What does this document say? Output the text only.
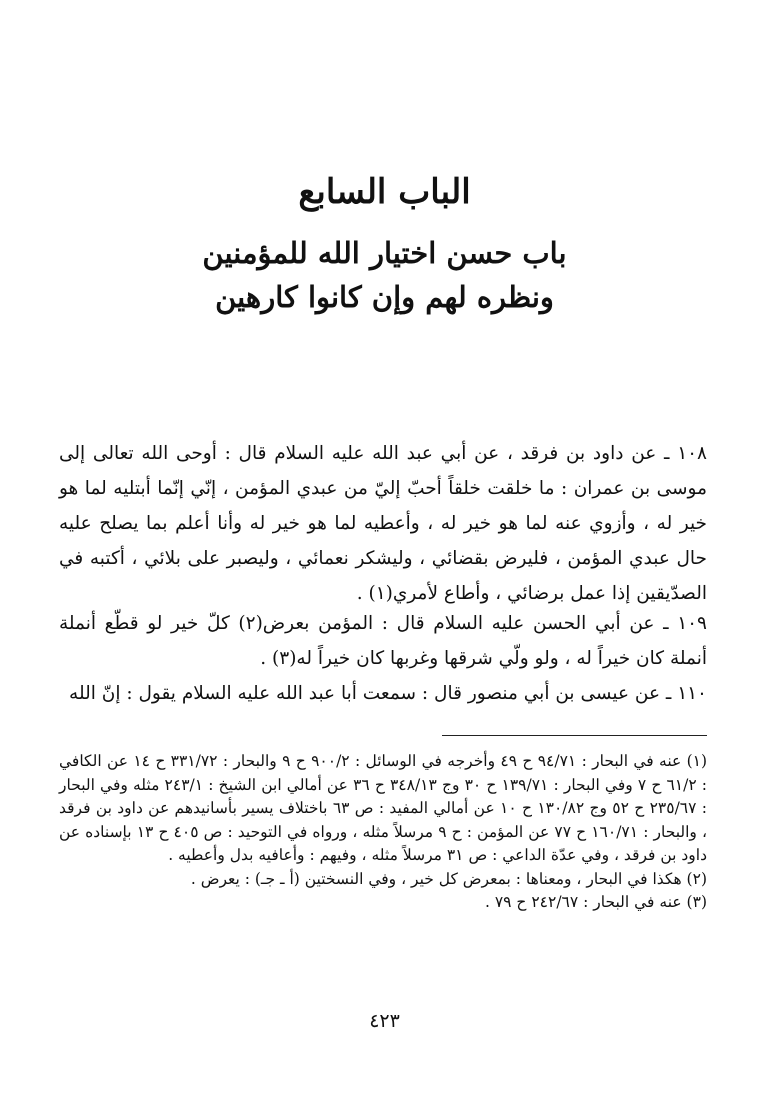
الباب السابع
باب حسن اختيار الله للمؤمنين
ونظره لهم وإن كانوا كارهين
١٠٨ ـ عن داود بن فرقد ، عن أبي عبد الله عليه السلام قال : أوحى الله تعالى إلى موسى بن عمران : ما خلقت خلقاً أحبّ إليّ من عبدي المؤمن ، إنّي إنّما أبتليه لما هو خير له ، وأزوي عنه لما هو خير له ، وأعطيه لما هو خير له وأنا أعلم بما يصلح عليه حال عبدي المؤمن ، فليرض بقضائي ، وليشكر نعمائي ، وليصبر على بلائي ، أكتبه في الصدّيقين إذا عمل برضائي ، وأطاع لأمري(١) .
١٠٩ ـ عن أبي الحسن عليه السلام قال : المؤمن بعرض(٢) كلّ خير لو قطّع أنملة أنملة كان خيراً له ، ولو ولّي شرقها وغربها كان خيراً له(٣) .
١١٠ ـ عن عيسى بن أبي منصور قال : سمعت أبا عبد الله عليه السلام يقول : إنّ الله

(١) عنه في البحار : ٩٤/٧١ ح ٤٩ وأخرجه في الوسائل : ٩٠٠/٢ ح ٩ والبحار : ٣٣١/٧٢ ح ١٤ عن الكافي : ٦١/٢ ح ٧ وفي البحار : ١٣٩/٧١ ح ٣٠ وج ٣٤٨/١٣ ح ٣٦ عن أمالي ابن الشيخ : ٢٤٣/١ مثله وفي البحار : ٢٣٥/٦٧ ح ٥٢ وج ١٣٠/٨٢ ح ١٠ عن أمالي المفيد : ص ٦٣ باختلاف يسير بأسانيدهم عن داود بن فرقد ، والبحار : ١٦٠/٧١ ح ٧٧ عن المؤمن : ح ٩ مرسلاً مثله ، ورواه في التوحيد : ص ٤٠٥ ح ١٣ بإسناده عن داود بن فرقد ، وفي عدّة الداعي : ص ٣١ مرسلاً مثله ، وفيهم : وأعافيه بدل وأعطيه .

(٢) هكذا في البحار ، ومعناها : بمعرض كل خير ، وفي النسختين (أ ـ جـ) : يعرض .

(٣) عنه في البحار : ٢٤٢/٦٧ ح ٧٩ .

٤٢٣
